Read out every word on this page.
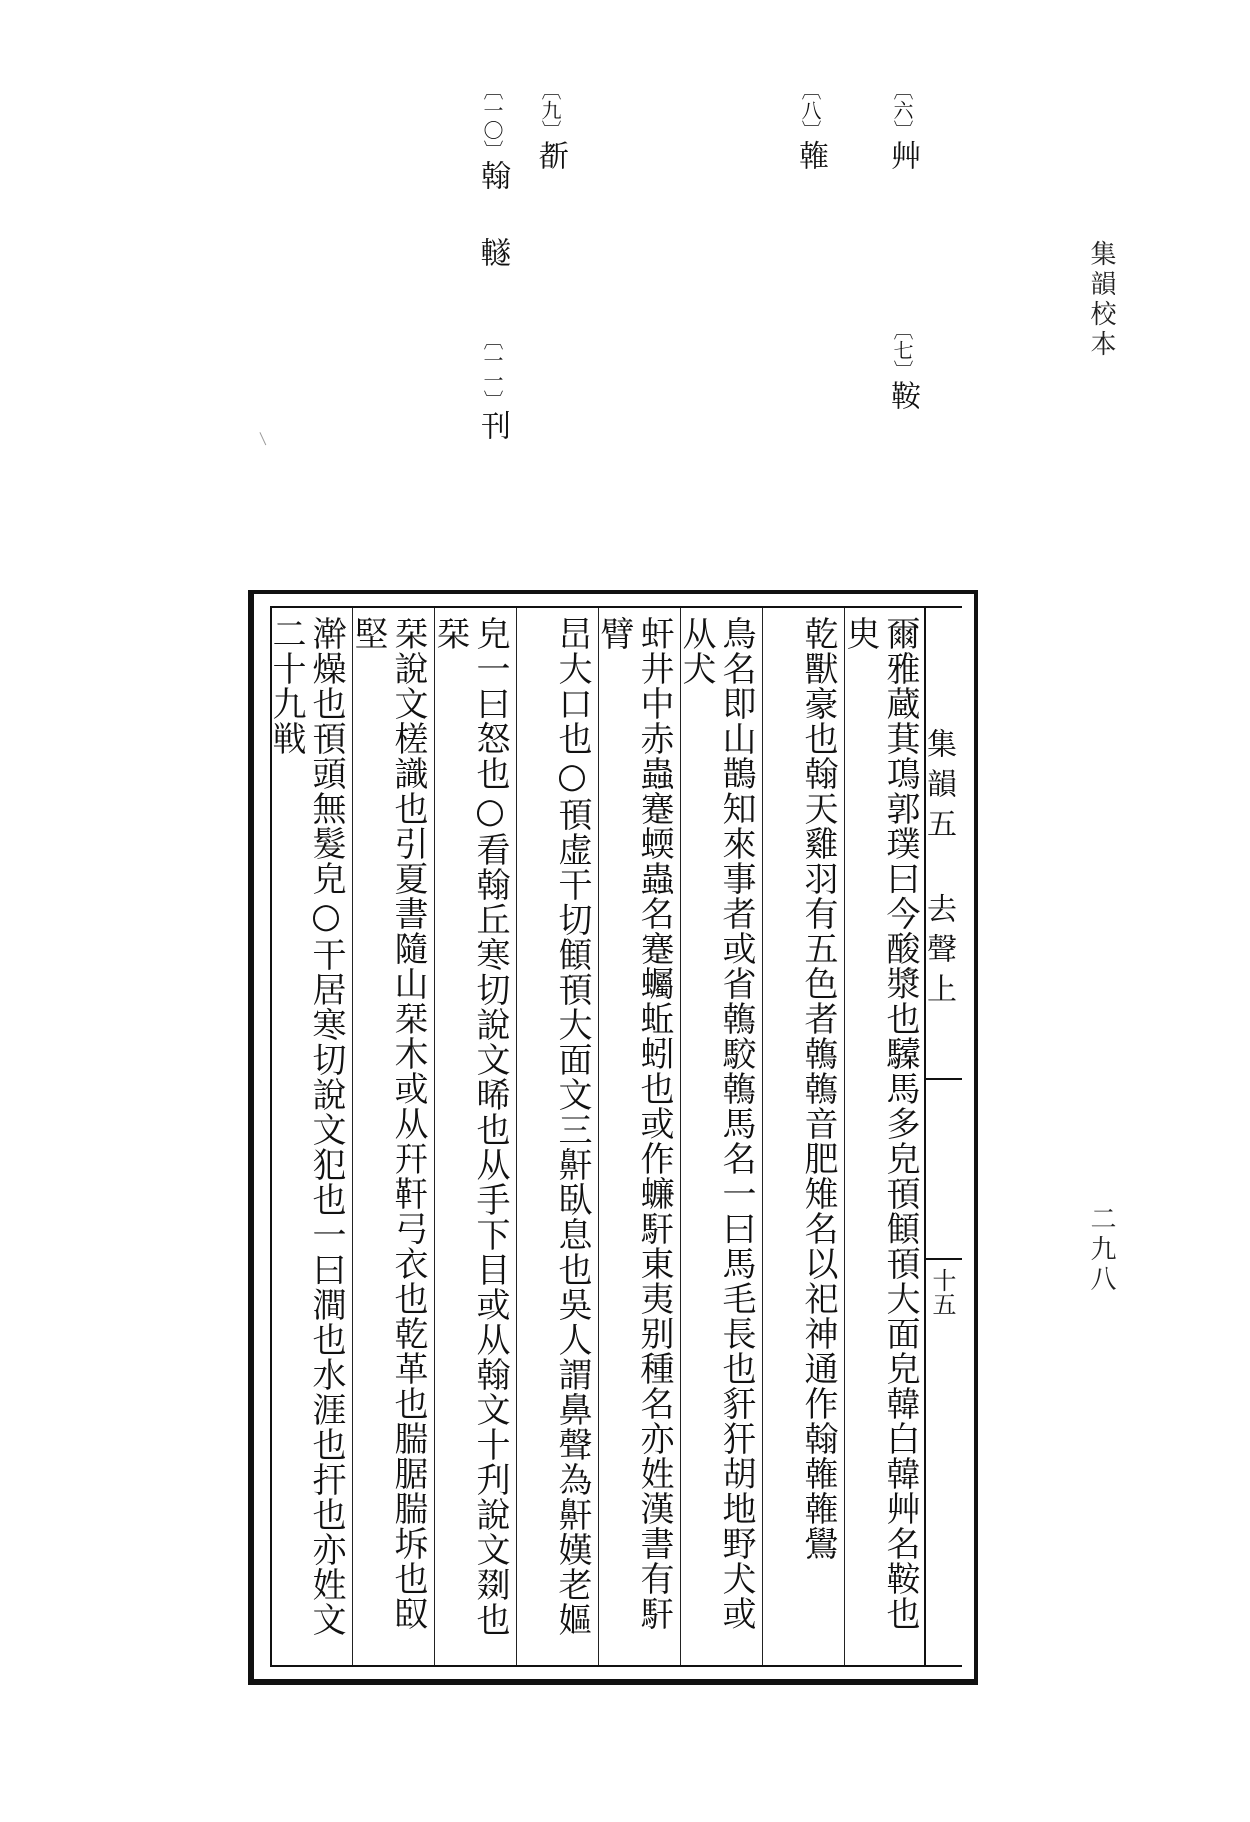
集韻校本
二九八
〔六〕艸
〔七〕鞍
〔八〕雗
〔九〕斱
〔一〇〕翰 䡵
〔一一〕刊
集韻五 去聲上
十五
爾雅蔵萁䲨郭璞曰今酸漿也驝馬多皃頇顀頇大面皃韓白韓艸名鞍也㬰
乾獸豪也翰天雞羽有五色者鶾鶾音肥雉名以祀神通作翰雗雗鷽
鳥名即山鵲知來事者或省鶾駮鶾馬名一曰馬毛長也豻犴胡地野犬或从犬
虷井中赤蟲蹇蝡蟲名蹇蠾蚯蚓也或作蠊馯東夷别種名亦姓漢書有馯臂
旵大口也○頇虚干切顀頇大面文三鼾臥息也吳人謂鼻聲為鼾嫨老嫗
皃一曰怒也○看翰丘寒切說文晞也从手下目或从翰文十刋說文剟也栞
栞說文槎識也引夏書隨山栞木或从幵靬弓衣也乾革也腨腒腨坼也臤堅
澣燥也頇頭無髮皃○干居寒切說文犯也一曰澗也水涯也扞也亦姓文二十九戦
